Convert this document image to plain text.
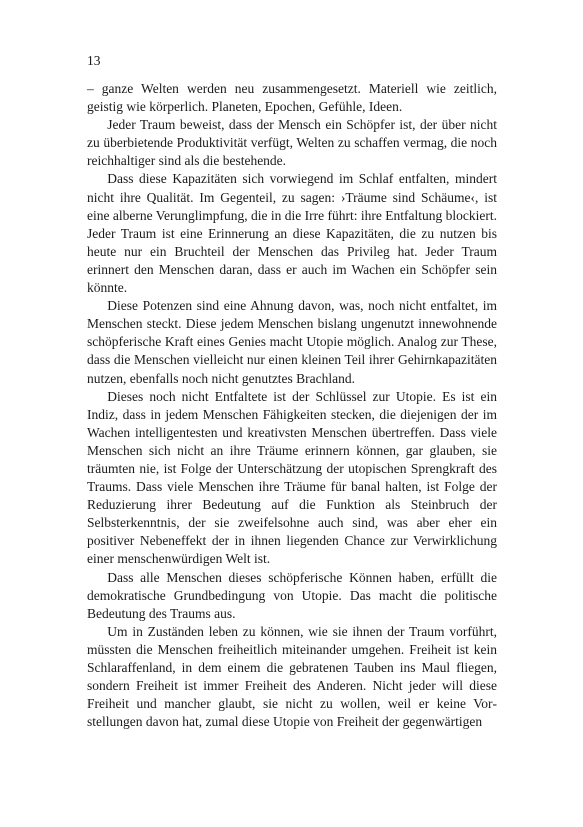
13

– ganze Welten werden neu zusammengesetzt. Materiell wie zeitlich, geistig wie körperlich. Planeten, Epochen, Gefühle, Ideen.

Jeder Traum beweist, dass der Mensch ein Schöpfer ist, der über nicht zu überbietende Produktivität verfügt, Welten zu schaffen vermag, die noch reichhaltiger sind als die bestehende.

Dass diese Kapazitäten sich vorwiegend im Schlaf entfalten, mindert nicht ihre Qualität. Im Gegenteil, zu sagen: ›Träume sind Schäume‹, ist eine alberne Verunglimpfung, die in die Irre führt: ihre Entfaltung blockiert. Jeder Traum ist eine Erinnerung an diese Kapazitäten, die zu nutzen bis heute nur ein Bruchteil der Menschen das Privileg hat. Jeder Traum erinnert den Menschen daran, dass er auch im Wachen ein Schöpfer sein könnte.

Diese Potenzen sind eine Ahnung davon, was, noch nicht entfaltet, im Menschen steckt. Diese jedem Menschen bislang ungenutzt innewohnende schöpferische Kraft eines Genies macht Utopie möglich. Analog zur These, dass die Menschen vielleicht nur einen kleinen Teil ihrer Gehirnkapazitäten nutzen, ebenfalls noch nicht genutztes Brachland.

Dieses noch nicht Entfaltete ist der Schlüssel zur Utopie. Es ist ein Indiz, dass in jedem Menschen Fähigkeiten stecken, die diejenigen der im Wachen intelligentesten und kreativsten Menschen übertreffen. Dass viele Menschen sich nicht an ihre Träume erinnern können, gar glauben, sie träumten nie, ist Folge der Unterschätzung der utopischen Sprengkraft des Traums. Dass viele Menschen ihre Träume für banal halten, ist Folge der Reduzierung ihrer Bedeutung auf die Funktion als Steinbruch der Selbsterkenntnis, der sie zweifelsohne auch sind, was aber eher ein positiver Nebeneffekt der in ihnen liegenden Chance zur Verwirklichung einer menschenwürdigen Welt ist.

Dass alle Menschen dieses schöpferische Können haben, erfüllt die demokratische Grundbedingung von Utopie. Das macht die politische Bedeutung des Traums aus.

Um in Zuständen leben zu können, wie sie ihnen der Traum vorführt, müssten die Menschen freiheitlich miteinander umgehen. Freiheit ist kein Schlaraffenland, in dem einem die gebratenen Tauben ins Maul fliegen, sondern Freiheit ist immer Freiheit des Anderen. Nicht jeder will diese Freiheit und mancher glaubt, sie nicht zu wollen, weil er keine Vorstellungen davon hat, zumal diese Utopie von Freiheit der gegenwärtigen
